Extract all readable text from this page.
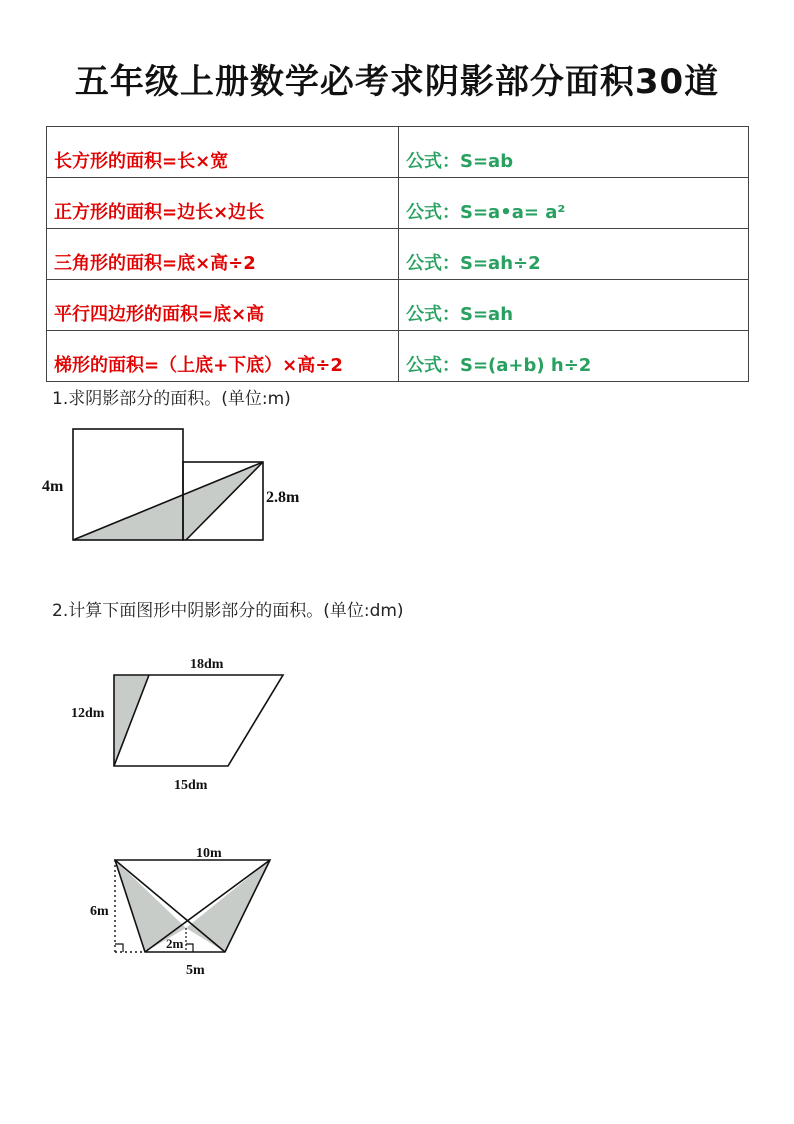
五年级上册数学必考求阴影部分面积30道
长方形的面积=长×宽	公式：S=ab
正方形的面积=边长×边长	公式：S=a•a= a²
三角形的面积=底×高÷2	公式：S=ah÷2
平行四边形的面积=底×高	公式：S=ah
梯形的面积=（上底+下底）×高÷2	公式：S=(a+b) h÷2
1.求阴影部分的面积。(单位:m)
4m
2.8m
2.计算下面图形中阴影部分的面积。(单位:dm)
18dm
12dm
15dm
10m
6m
2m
5m
